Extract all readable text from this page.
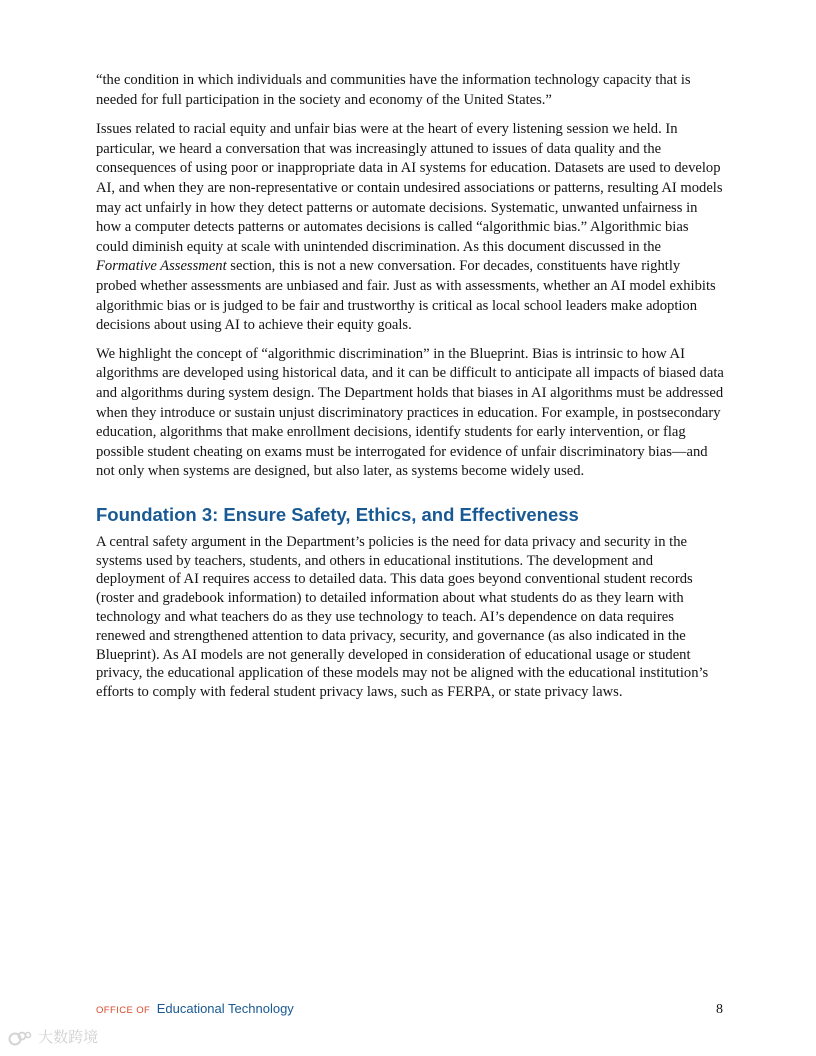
“the condition in which individuals and communities have the information technology capacity that is needed for full participation in the society and economy of the United States.”

Issues related to racial equity and unfair bias were at the heart of every listening session we held. In particular, we heard a conversation that was increasingly attuned to issues of data quality and the consequences of using poor or inappropriate data in AI systems for education. Datasets are used to develop AI, and when they are non-representative or contain undesired associations or patterns, resulting AI models may act unfairly in how they detect patterns or automate decisions. Systematic, unwanted unfairness in how a computer detects patterns or automates decisions is called “algorithmic bias.” Algorithmic bias could diminish equity at scale with unintended discrimination. As this document discussed in the Formative Assessment section, this is not a new conversation. For decades, constituents have rightly probed whether assessments are unbiased and fair. Just as with assessments, whether an AI model exhibits algorithmic bias or is judged to be fair and trustworthy is critical as local school leaders make adoption decisions about using AI to achieve their equity goals.

We highlight the concept of “algorithmic discrimination” in the Blueprint. Bias is intrinsic to how AI algorithms are developed using historical data, and it can be difficult to anticipate all impacts of biased data and algorithms during system design. The Department holds that biases in AI algorithms must be addressed when they introduce or sustain unjust discriminatory practices in education. For example, in postsecondary education, algorithms that make enrollment decisions, identify students for early intervention, or flag possible student cheating on exams must be interrogated for evidence of unfair discriminatory bias—and not only when systems are designed, but also later, as systems become widely used.

Foundation 3: Ensure Safety, Ethics, and Effectiveness

A central safety argument in the Department’s policies is the need for data privacy and security in the systems used by teachers, students, and others in educational institutions. The development and deployment of AI requires access to detailed data. This data goes beyond conventional student records (roster and gradebook information) to detailed information about what students do as they learn with technology and what teachers do as they use technology to teach. AI’s dependence on data requires renewed and strengthened attention to data privacy, security, and governance (as also indicated in the Blueprint). As AI models are not generally developed in consideration of educational usage or student privacy, the educational application of these models may not be aligned with the educational institution’s efforts to comply with federal student privacy laws, such as FERPA, or state privacy laws.

OFFICE OF Educational Technology	8
大数跨境
